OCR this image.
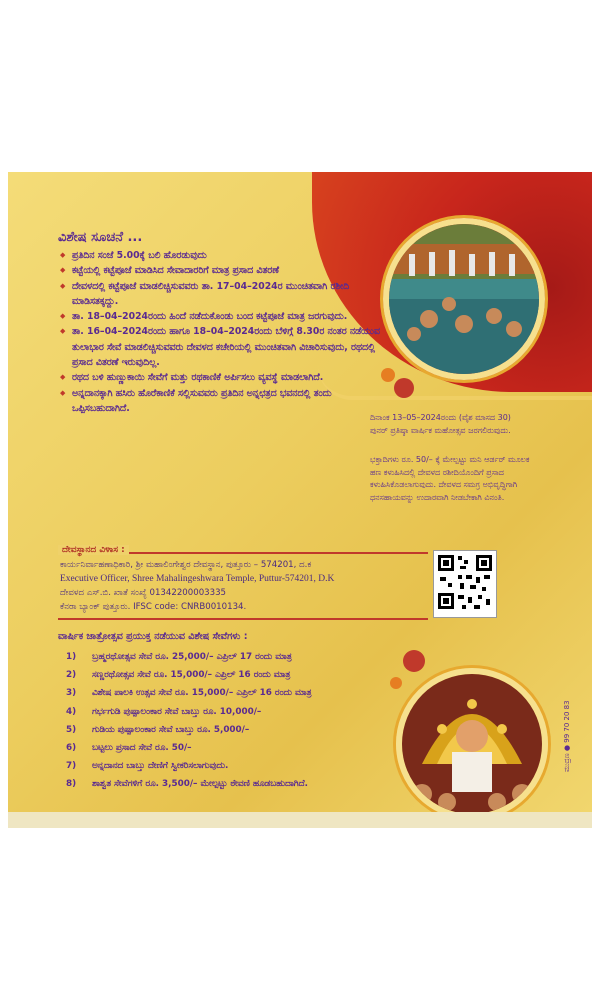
ವಿಶೇಷ ಸೂಚನೆ ...
◆ ಪ್ರತಿದಿನ ಸಂಜೆ 5.00ಕ್ಕೆ ಬಲಿ ಹೊರಡುವುದು
◆ ಕಟ್ಟೆಯಲ್ಲಿ ಕಟ್ಟೆಪೂಜೆ ಮಾಡಿಸಿದ ಸೇವಾದಾರರಿಗೆ ಮಾತ್ರ ಪ್ರಸಾದ ವಿತರಣೆ
◆ ದೇವಳದಲ್ಲಿ ಕಟ್ಟೆಪೂಜೆ ಮಾಡಲಿಚ್ಚಿಸುವವರು ತಾ. 17–04–2024ರ ಮುಂಚಿತವಾಗಿ ರಶೀದಿ ಮಾಡಿಸತಕ್ಕದ್ದು.
◆ ತಾ. 18–04–2024ರಂದು ಹಿಂದೆ ನಡೆದುಕೊಂಡು ಬಂದ ಕಟ್ಟೆಪೂಜೆ ಮಾತ್ರ ಜರಗುವುದು.
◆ ತಾ. 16–04–2024ರಂದು ಹಾಗೂ 18–04–2024ರಂದು ಬೆಳಿಗ್ಗೆ 8.30ರ ನಂತರ ನಡೆಯುವ ತುಲಾಭಾರ ಸೇವೆ ಮಾಡಲಿಚ್ಚಿಸುವವರು ದೇವಳದ ಕಚೇರಿಯಲ್ಲಿ ಮುಂಚಿತವಾಗಿ ವಿಚಾರಿಸುವುದು, ರಥದಲ್ಲಿ ಪ್ರಸಾದ ವಿತರಣೆ ಇರುವುದಿಲ್ಲ.
◆ ರಥದ ಬಳಿ ಹುಣ್ಣುಕಾಯಿ ಸೇವೆಗೆ ಮತ್ತು ರಥಕಾಣಿಕೆ ಅರ್ಪಿಸಲು ವ್ಯವಸ್ಥೆ ಮಾಡಲಾಗಿದೆ.
◆ ಅನ್ನದಾನಕ್ಕಾಗಿ ಹಸಿರು ಹೊರೆಕಾಣಿಕೆ ಸಲ್ಲಿಸುವವರು ಪ್ರತಿದಿನ ಅನ್ನಛತ್ರದ ಭವನದಲ್ಲಿ ತಂದು ಒಪ್ಪಿಸಬಹುದಾಗಿದೆ.
ದಿನಾಂಕ 13–05–2024ರಂದು (ವೈಶ ಮಾಸದ 30)
ಪುನರ್ ಪ್ರತಿಷ್ಠಾ ವಾರ್ಷಿಕ ಮಹೋತ್ಸವ ಜರಗಲಿರುವುದು.
ಭಕ್ತಾದಿಗಳು ರೂ. 50/– ಕ್ಕೆ ಮೇಲ್ಪಟ್ಟು ಮನಿ ಆರ್ಡರ್ ಮೂಲಕ
ಹಣ ಕಳುಹಿಸಿದಲ್ಲಿ ದೇವಳದ ರಶೀದಿಯೊಂದಿಗೆ ಪ್ರಸಾದ
ಕಳುಹಿಸಿಕೊಡಲಾಗುವುದು. ದೇವಳದ ಸಮಗ್ರ ಅಭಿವೃದ್ಧಿಗಾಗಿ
ಧನಸಹಾಯವನ್ನು ಉದಾರವಾಗಿ ನೀಡಬೇಕಾಗಿ ವಿನಂತಿ.
ದೇವಸ್ಥಾನದ ವಿಳಾಸ :
ಕಾರ್ಯನಿರ್ವಾಹಣಾಧಿಕಾರಿ, ಶ್ರೀ ಮಹಾಲಿಂಗೇಶ್ವರ ದೇವಸ್ಥಾನ, ಪುತ್ತೂರು – 574201, ದ.ಕ
Executive Officer, Shree Mahalingeshwara Temple, Puttur-574201, D.K
ದೇವಳದ ಎಸ್.ಬಿ. ಖಾತೆ ಸಂಖ್ಯೆ 01342200003335
ಕೆನರಾ ಬ್ಯಾಂಕ್ ಪುತ್ತೂರು. IFSC code: CNRB0010134.
ವಾರ್ಷಿಕ ಜಾತ್ರೋತ್ಸವ ಪ್ರಯುಕ್ತ ನಡೆಯುವ ವಿಶೇಷ ಸೇವೆಗಳು :
1) ಬ್ರಹ್ಮರಥೋತ್ಸವ ಸೇವೆ ರೂ. 25,000/– ಎಪ್ರಿಲ್ 17 ರಂದು ಮಾತ್ರ
2) ಸಣ್ಣರಥೋತ್ಸವ ಸೇವೆ ರೂ. 15,000/– ಎಪ್ರಿಲ್ 16 ರಂದು ಮಾತ್ರ
3) ವಿಶೇಷ ಪಾಲಕಿ ಉತ್ಸವ ಸೇವೆ ರೂ. 15,000/– ಎಪ್ರಿಲ್ 16 ರಂದು ಮಾತ್ರ
4) ಗರ್ಭಗುಡಿ ಪುಷ್ಪಾಲಂಕಾರ ಸೇವೆ ಬಾಬ್ತು ರೂ. 10,000/–
5) ಗುಡಿಯ ಪುಷ್ಪಾಲಂಕಾರ ಸೇವೆ ಬಾಬ್ತು ರೂ. 5,000/–
6) ಬಟ್ಟಲು ಪ್ರಸಾದ ಸೇವೆ ರೂ. 50/–
7) ಅನ್ನದಾನದ ಬಾಬ್ತು ದೇಣಿಗೆ ಸ್ವೀಕರಿಸಲಾಗುವುದು.
8) ಶಾಶ್ವತ ಸೇವೆಗಳಿಗೆ ರೂ. 3,500/– ಮೇಲ್ಪಟ್ಟು ಠೇವಣಿ ಹೂಡಬಹುದಾಗಿದೆ.
ಮುದ್ರಣ ● 99 70 20 83
